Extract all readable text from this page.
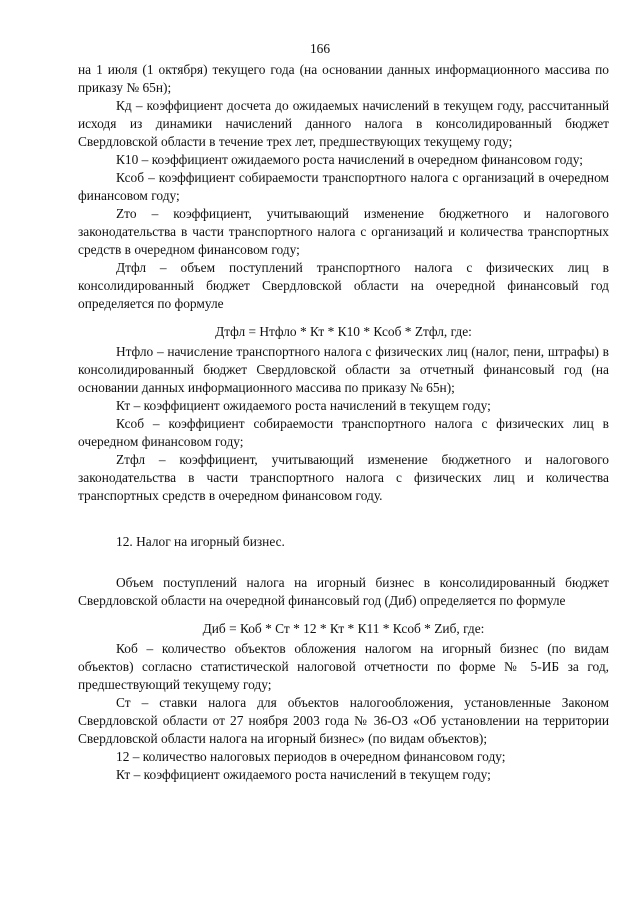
166

на 1 июля (1 октября) текущего года (на основании данных информационного массива по приказу № 65н);

Кд – коэффициент досчета до ожидаемых начислений в текущем году, рассчитанный исходя из динамики начислений данного налога в консолидированный бюджет Свердловской области в течение трех лет, предшествующих текущему году;

К10 – коэффициент ожидаемого роста начислений в очередном финансовом году;

Ксоб – коэффициент собираемости транспортного налога с организаций в очередном финансовом году;

Zто – коэффициент, учитывающий изменение бюджетного и налогового законодательства в части транспортного налога с организаций и количества транспортных средств в очередном финансовом году;

Дтфл – объем поступлений транспортного налога с физических лиц в консолидированный бюджет Свердловской области на очередной финансовый год определяется по формуле

Дтфл = Нтфло * Кт * К10 * Ксоб * Zтфл, где:

Нтфло – начисление транспортного налога с физических лиц (налог, пени, штрафы) в консолидированный бюджет Свердловской области за отчетный финансовый год (на основании данных информационного массива по приказу № 65н);

Кт – коэффициент ожидаемого роста начислений в текущем году;

Ксоб – коэффициент собираемости транспортного налога с физических лиц в очередном финансовом году;

Zтфл – коэффициент, учитывающий изменение бюджетного и налогового законодательства в части транспортного налога с физических лиц и количества транспортных средств в очередном финансовом году.

12. Налог на игорный бизнес.

Объем поступлений налога на игорный бизнес в консолидированный бюджет Свердловской области на очередной финансовый год (Диб) определяется по формуле

Диб = Коб * Ст * 12 * Кт * К11 * Ксоб * Zиб, где:

Коб – количество объектов обложения налогом на игорный бизнес (по видам объектов) согласно статистической налоговой отчетности по форме № 5-ИБ за год, предшествующий текущему году;

Ст – ставки налога для объектов налогообложения, установленные Законом Свердловской области от 27 ноября 2003 года № 36-ОЗ «Об установлении на территории Свердловской области налога на игорный бизнес» (по видам объектов);

12 – количество налоговых периодов в очередном финансовом году;

Кт – коэффициент ожидаемого роста начислений в текущем году;
